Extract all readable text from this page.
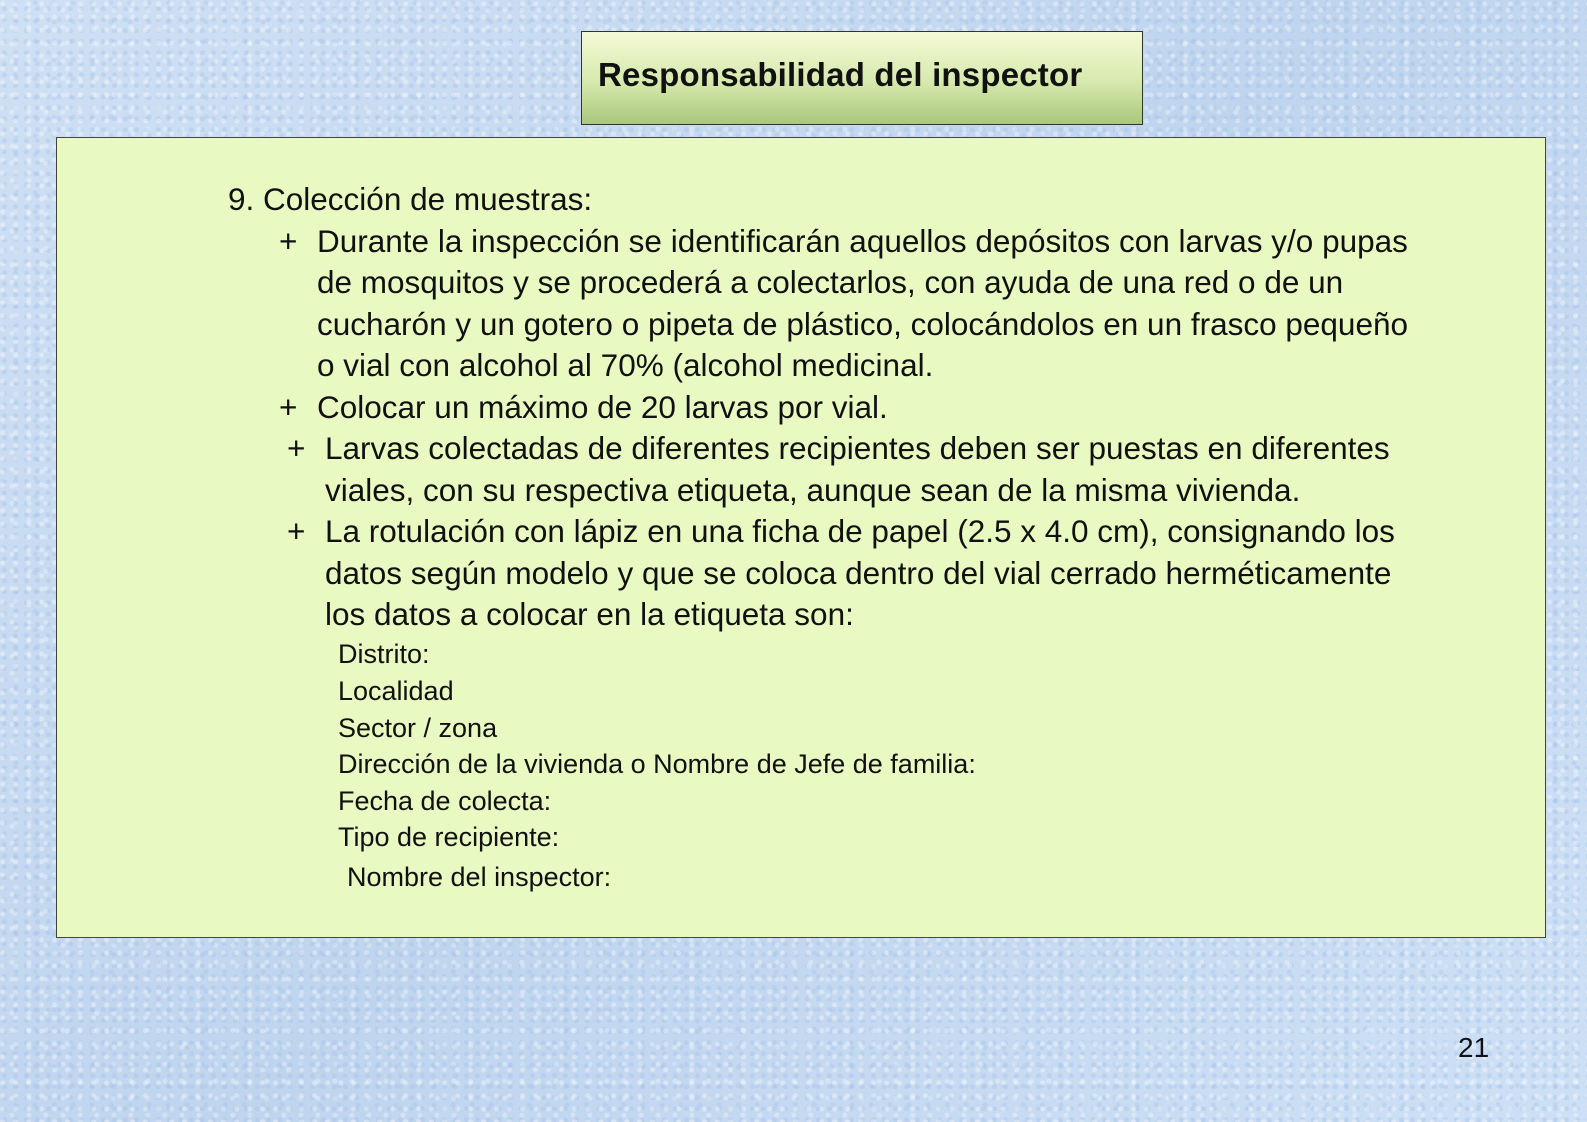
Responsabilidad del inspector
9. Colección de muestras:
+ Durante la inspección se identificarán aquellos depósitos con larvas y/o pupas
de mosquitos y se procederá a colectarlos, con ayuda de una red o de un
cucharón y un gotero o pipeta de plástico, colocándolos en un frasco pequeño
o vial con alcohol al 70% (alcohol medicinal.
+ Colocar un máximo de 20 larvas por vial.
+ Larvas colectadas de diferentes recipientes deben ser puestas en diferentes
viales, con su respectiva etiqueta, aunque sean de la misma vivienda.
+ La rotulación con lápiz en una ficha de papel (2.5 x 4.0 cm), consignando los
datos según modelo y que se coloca dentro del vial cerrado herméticamente
los datos a colocar en la etiqueta son:
Distrito:
Localidad
Sector / zona
Dirección de la vivienda o Nombre de Jefe de familia:
Fecha de colecta:
Tipo de recipiente:
Nombre del inspector:
21
